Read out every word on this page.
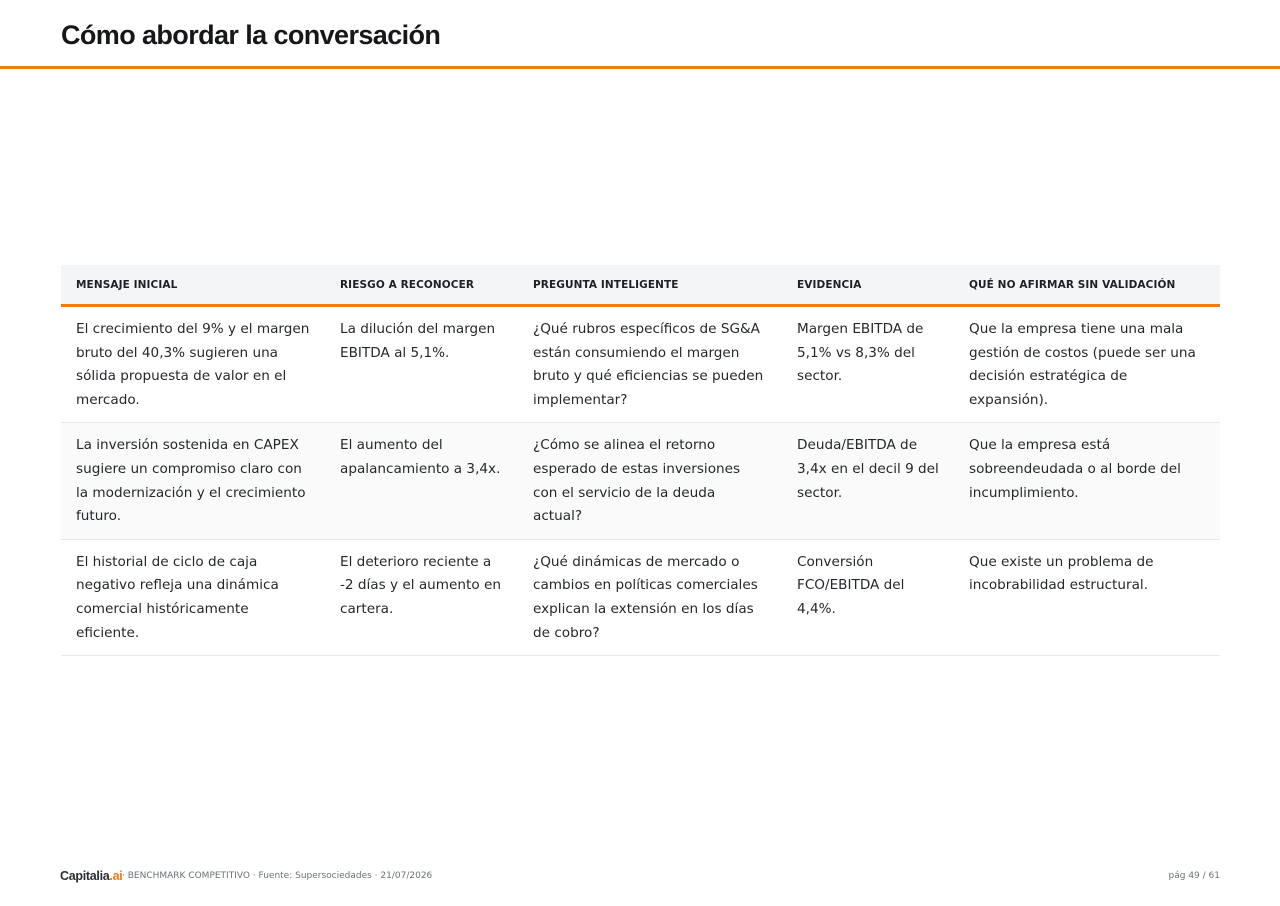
Cómo abordar la conversación
MENSAJE INICIAL	RIESGO A RECONOCER	PREGUNTA INTELIGENTE	EVIDENCIA	QUÉ NO AFIRMAR SIN VALIDACIÓN
El crecimiento del 9% y el margen bruto del 40,3% sugieren una sólida propuesta de valor en el mercado.	La dilución del margen EBITDA al 5,1%.	¿Qué rubros específicos de SG&A están consumiendo el margen bruto y qué eficiencias se pueden implementar?	Margen EBITDA de 5,1% vs 8,3% del sector.	Que la empresa tiene una mala gestión de costos (puede ser una decisión estratégica de expansión).
La inversión sostenida en CAPEX sugiere un compromiso claro con la modernización y el crecimiento futuro.	El aumento del apalancamiento a 3,4x.	¿Cómo se alinea el retorno esperado de estas inversiones con el servicio de la deuda actual?	Deuda/EBITDA de 3,4x en el decil 9 del sector.	Que la empresa está sobreendeudada o al borde del incumplimiento.
El historial de ciclo de caja negativo refleja una dinámica comercial históricamente eficiente.	El deterioro reciente a -2 días y el aumento en cartera.	¿Qué dinámicas de mercado o cambios en políticas comerciales explican la extensión en los días de cobro?	Conversión FCO/EBITDA del 4,4%.	Que existe un problema de incobrabilidad estructural.
Capitalia.ai · BENCHMARK COMPETITIVO · Fuente: Supersociedades · 21/07/2026	pág 49 / 61
